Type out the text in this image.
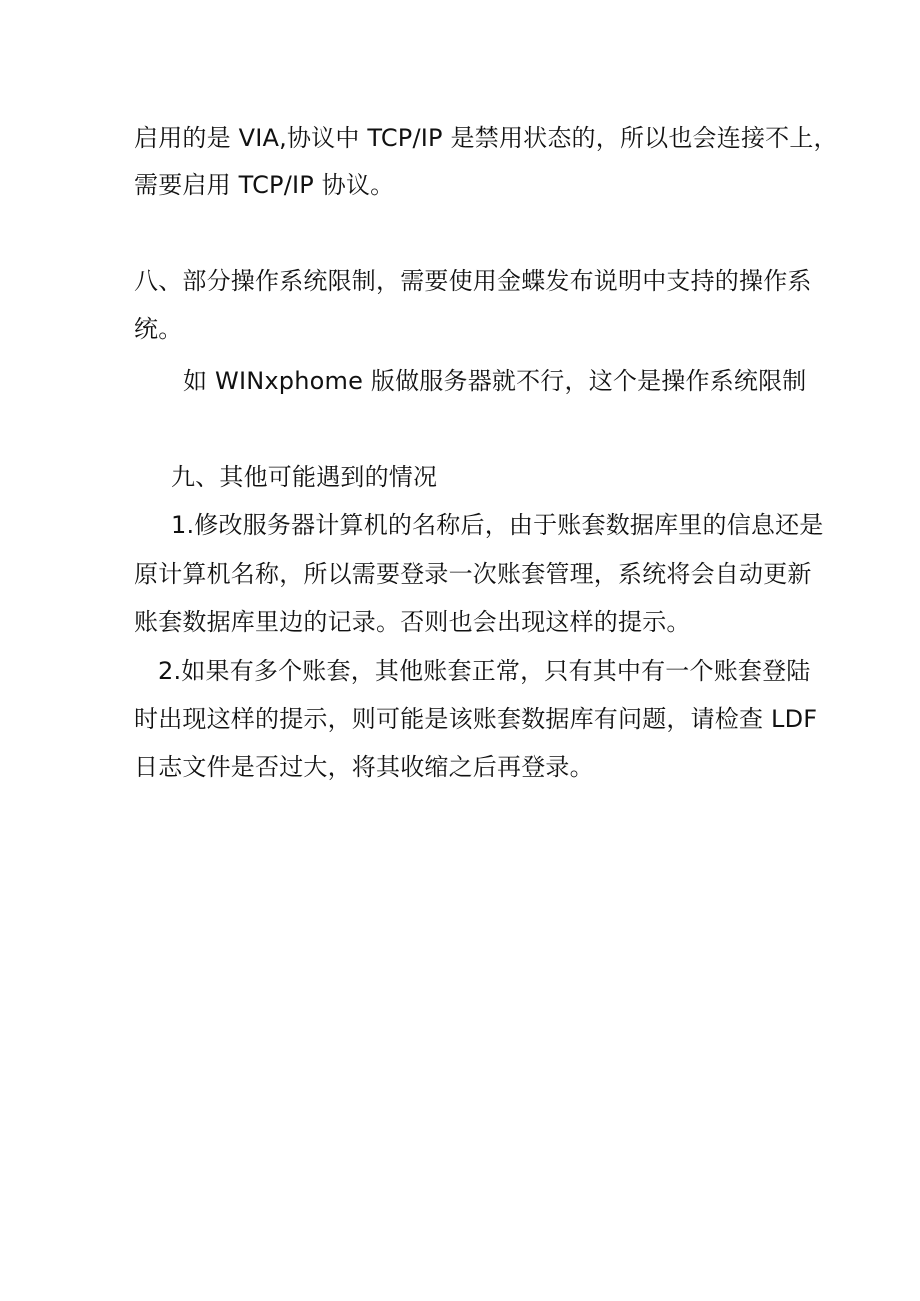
启用的是 VIA,协议中 TCP/IP 是禁用状态的，所以也会连接不上，
需要启用 TCP/IP 协议。
八、部分操作系统限制，需要使用金蝶发布说明中支持的操作系
统。
如 WINxphome 版做服务器就不行，这个是操作系统限制
九、其他可能遇到的情况
1.修改服务器计算机的名称后，由于账套数据库里的信息还是
原计算机名称，所以需要登录一次账套管理，系统将会自动更新
账套数据库里边的记录。否则也会出现这样的提示。
2.如果有多个账套，其他账套正常，只有其中有一个账套登陆
时出现这样的提示，则可能是该账套数据库有问题，请检查 LDF
日志文件是否过大，将其收缩之后再登录。
